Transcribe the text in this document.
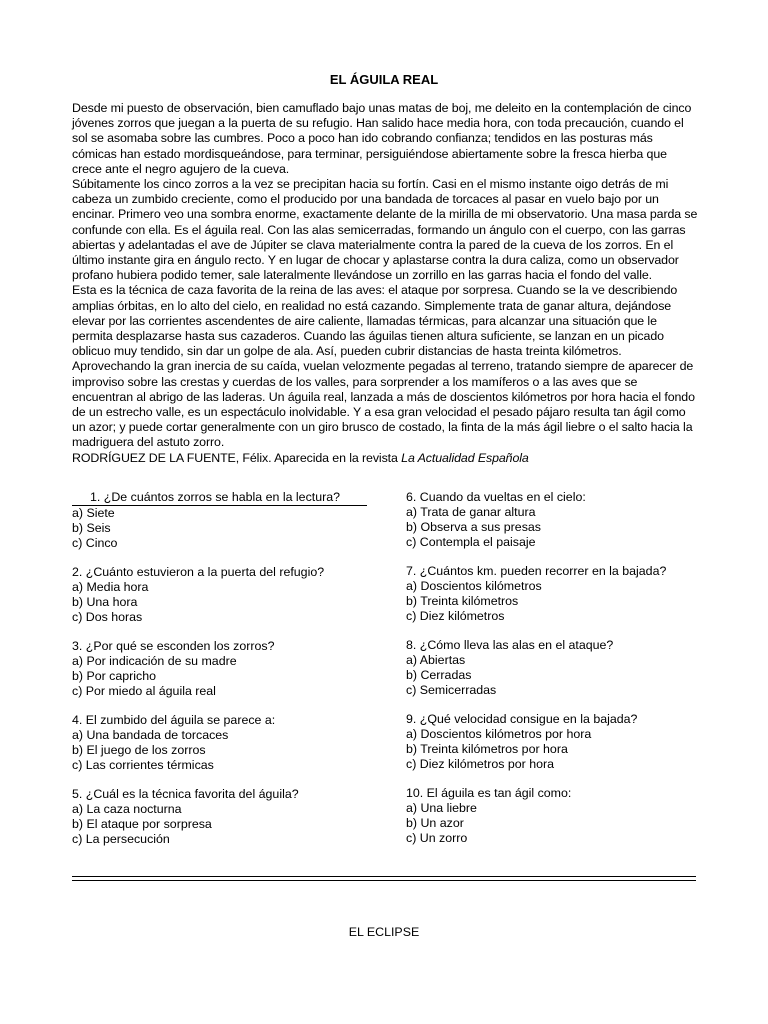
EL ÁGUILA REAL

Desde mi puesto de observación, bien camuflado bajo unas matas de boj, me deleito en la contemplación de cinco jóvenes zorros que juegan a la puerta de su refugio. Han salido hace media hora, con toda precaución, cuando el sol se asomaba sobre las cumbres. Poco a poco han ido cobrando confianza; tendidos en las posturas más cómicas han estado mordisqueándose, para terminar, persiguiéndose abiertamente sobre la fresca hierba que crece ante el negro agujero de la cueva.

Súbitamente los cinco zorros a la vez se precipitan hacia su fortín. Casi en el mismo instante oigo detrás de mi cabeza un zumbido creciente, como el producido por una bandada de torcaces al pasar en vuelo bajo por un encinar. Primero veo una sombra enorme, exactamente delante de la mirilla de mi observatorio. Una masa parda se confunde con ella. Es el águila real. Con las alas semicerradas, formando un ángulo con el cuerpo, con las garras abiertas y adelantadas el ave de Júpiter se clava materialmente contra la pared de la cueva de los zorros. En el último instante gira en ángulo recto. Y en lugar de chocar y aplastarse contra la dura caliza, como un observador profano hubiera podido temer, sale lateralmente llevándose un zorrillo en las garras hacia el fondo del valle.

Esta es la técnica de caza favorita de la reina de las aves: el ataque por sorpresa. Cuando se la ve describiendo amplias órbitas, en lo alto del cielo, en realidad no está cazando. Simplemente trata de ganar altura, dejándose elevar por las corrientes ascendentes de aire caliente, llamadas térmicas, para alcanzar una situación que le permita desplazarse hasta sus cazaderos. Cuando las águilas tienen altura suficiente, se lanzan en un picado oblicuo muy tendido, sin dar un golpe de ala. Así, pueden cubrir distancias de hasta treinta kilómetros. Aprovechando la gran inercia de su caída, vuelan velozmente pegadas al terreno, tratando siempre de aparecer de improviso sobre las crestas y cuerdas de los valles, para sorprender a los mamíferos o a las aves que se encuentran al abrigo de las laderas. Un águila real, lanzada a más de doscientos kilómetros por hora hacia el fondo de un estrecho valle, es un espectáculo inolvidable. Y a esa gran velocidad el pesado pájaro resulta tan ágil como un azor; y puede cortar generalmente con un giro brusco de costado, la finta de la más ágil liebre o el salto hacia la madriguera del astuto zorro.

RODRÍGUEZ DE LA FUENTE, Félix. Aparecida en la revista La Actualidad Española

1. ¿De cuántos zorros se habla en la lectura?
a) Siete
b) Seis
c) Cinco
2. ¿Cuánto estuvieron a la puerta del refugio?
a) Media hora
b) Una hora
c) Dos horas
3. ¿Por qué se esconden los zorros?
a) Por indicación de su madre
b) Por capricho
c) Por miedo al águila real
4. El zumbido del águila se parece a:
a) Una bandada de torcaces
b) El juego de los zorros
c) Las corrientes térmicas
5. ¿Cuál es la técnica favorita del águila?
a) La caza nocturna
b) El ataque por sorpresa
c) La persecución
6. Cuando da vueltas en el cielo:
a) Trata de ganar altura
b) Observa a sus presas
c) Contempla el paisaje
7. ¿Cuántos km. pueden recorrer en la bajada?
a) Doscientos kilómetros
b) Treinta kilómetros
c) Diez kilómetros
8. ¿Cómo lleva las alas en el ataque?
a) Abiertas
b) Cerradas
c) Semicerradas
9. ¿Qué velocidad consigue en la bajada?
a) Doscientos kilómetros por hora
b) Treinta kilómetros por hora
c) Diez kilómetros por hora
10. El águila es tan ágil como:
a) Una liebre
b) Un azor
c) Un zorro
EL ECLIPSE
